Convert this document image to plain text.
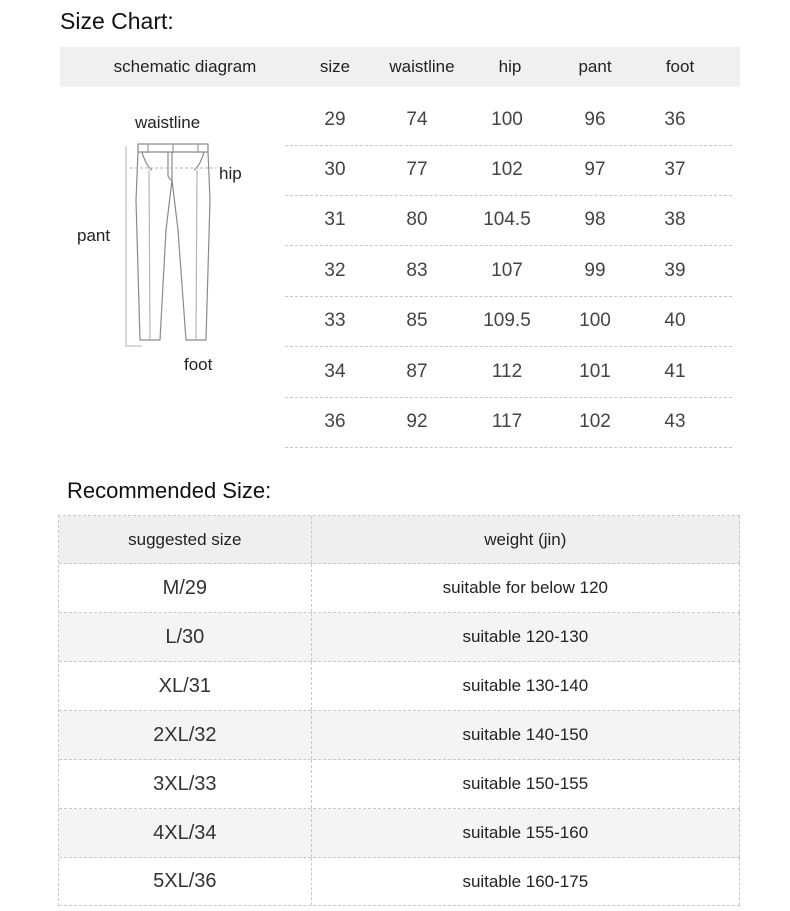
Size Chart:
schematic diagram	size	waistline	hip	pant	foot
waistline
hip
pant
foot
29	74	100	96	36
30	77	102	97	37
31	80	104.5	98	38
32	83	107	99	39
33	85	109.5	100	40
34	87	112	101	41
36	92	117	102	43
Recommended Size:
suggested size	weight (jin)
M/29	suitable for below 120
L/30	suitable 120-130
XL/31	suitable 130-140
2XL/32	suitable 140-150
3XL/33	suitable 150-155
4XL/34	suitable 155-160
5XL/36	suitable 160-175
